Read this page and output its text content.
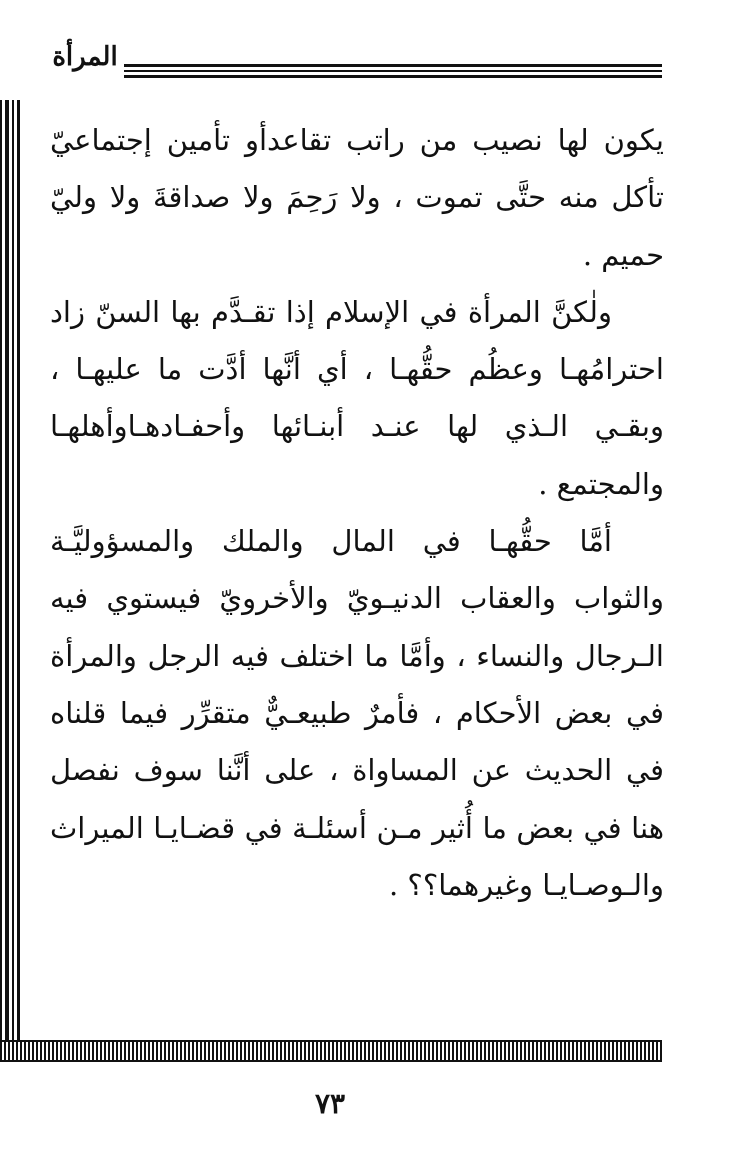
المرأة

يكون لها نصيب من راتب تقاعدأو تأمين إجتماعيّ تأكل منه حتَّى تموت ، ولا رَحِمَ ولا صداقةَ ولا وليّ حميم .

ولٰكنَّ المرأة في الإسلام إذا تقـدَّم بها السنّ زاد احترامُهـا وعظُم حقُّهـا ، أي أنَّها أدَّت ما عليهـا ، وبقـي الـذي لها عنـد أبنـائها وأحفـادهـاوأهلهـا والمجتمع .

أمَّا حقُّهـا في المال والملك والمسؤوليَّـة والثواب والعقاب الدنيـويّ والأخرويّ فيستوي فيه الـرجال والنساء ، وأمَّا ما اختلف فيه الرجل والمرأة في بعض الأحكام ، فأمرٌ طبيعـيٌّ متقرِّر فيما قلناه في الحديث عن المساواة ، على أنَّنا سوف نفصل هنا في بعض ما أُثير مـن أسئلـة في قضـايـا الميراث والـوصـايـا وغيرهما؟؟ .

٧٣
